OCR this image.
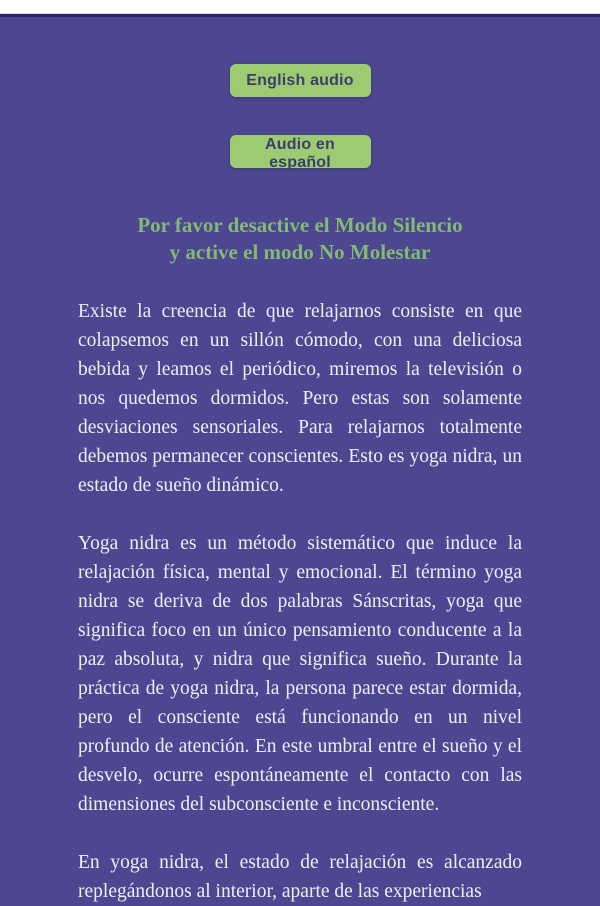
English audio
Audio en español
Por favor desactive el Modo Silencio
y active el modo No Molestar

Existe la creencia de que relajarnos consiste en que colapsemos en un sillón cómodo, con una deliciosa bebida y leamos el periódico, miremos la televisión o nos quedemos dormidos. Pero estas son solamente desviaciones sensoriales. Para relajarnos totalmente debemos permanecer conscientes. Esto es yoga nidra, un estado de sueño dinámico.

Yoga nidra es un método sistemático que induce la relajación física, mental y emocional. El término yoga nidra se deriva de dos palabras Sánscritas, yoga que significa foco en un único pensamiento conducente a la paz absoluta, y nidra que significa sueño. Durante la práctica de yoga nidra, la persona parece estar dormida, pero el consciente está funcionando en un nivel profundo de atención. En este umbral entre el sueño y el desvelo, ocurre espontáneamente el contacto con las dimensiones del subconsciente e inconsciente.

En yoga nidra, el estado de relajación es alcanzado replegándonos al interior, aparte de las experiencias
